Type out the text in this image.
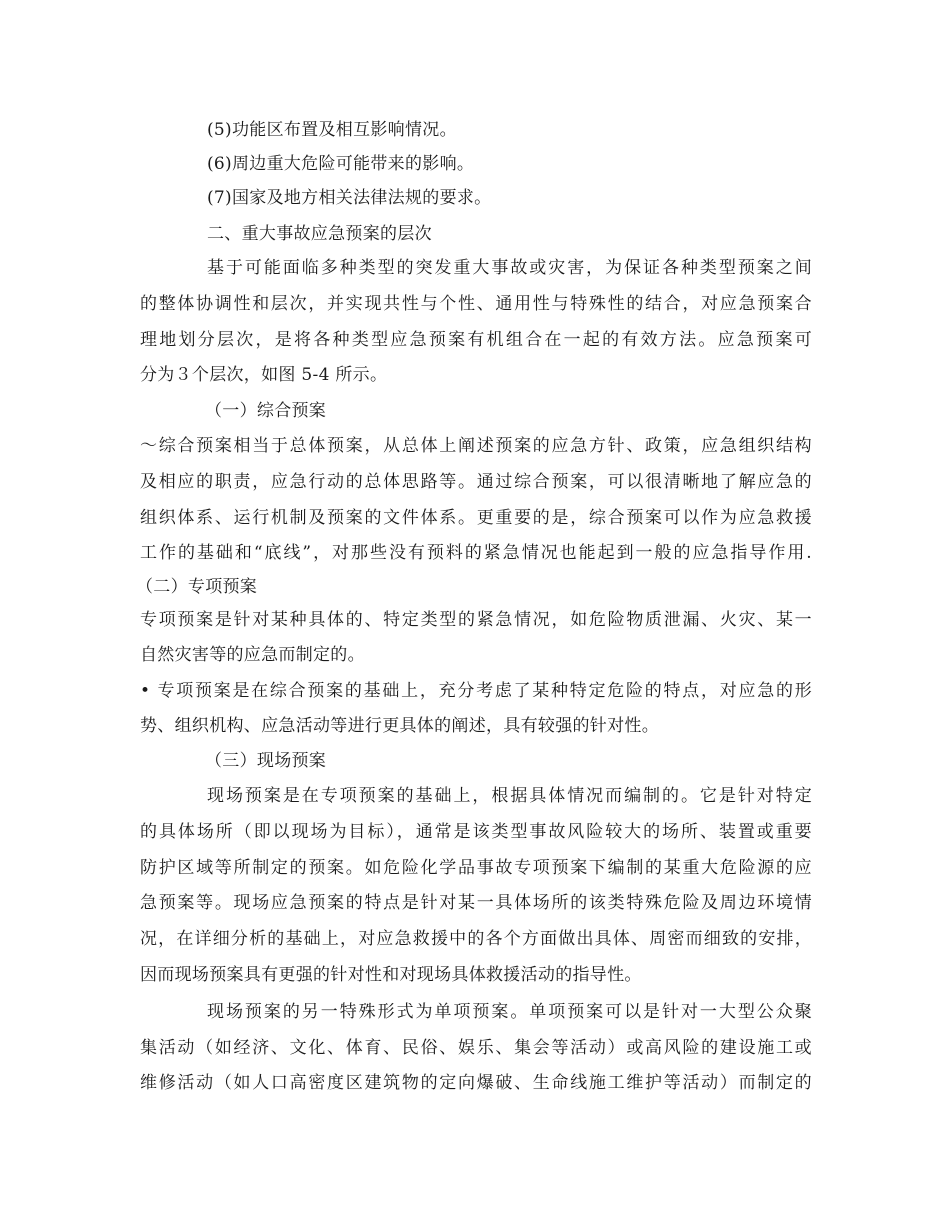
(5)功能区布置及相互影响情况。
(6)周边重大危险可能带来的影响。
(7)国家及地方相关法律法规的要求。
二、重大事故应急预案的层次
基于可能面临多种类型的突发重大事故或灾害，为保证各种类型预案之间
的整体协调性和层次，并实现共性与个性、通用性与特殊性的结合，对应急预案合
理地划分层次，是将各种类型应急预案有机组合在一起的有效方法。应急预案可
分为３个层次，如图 5-4 所示。
（一）综合预案
～综合预案相当于总体预案，从总体上阐述预案的应急方针、政策，应急组织结构
及相应的职责，应急行动的总体思路等。通过综合预案，可以很清晰地了解应急的
组织体系、运行机制及预案的文件体系。更重要的是，综合预案可以作为应急救援
工作的基础和“底线”，对那些没有预料的紧急情况也能起到一般的应急指导作用.
（二）专项预案
专项预案是针对某种具体的、特定类型的紧急情况，如危险物质泄漏、火灾、某一
自然灾害等的应急而制定的。
• 专项预案是在综合预案的基础上，充分考虑了某种特定危险的特点，对应急的形
势、组织机构、应急活动等进行更具体的阐述，具有较强的针对性。
（三）现场预案
现场预案是在专项预案的基础上，根据具体情况而编制的。它是针对特定
的具体场所（即以现场为目标），通常是该类型事故风险较大的场所、装置或重要
防护区域等所制定的预案。如危险化学品事故专项预案下编制的某重大危险源的应
急预案等。现场应急预案的特点是针对某一具体场所的该类特殊危险及周边环境情
况，在详细分析的基础上，对应急救援中的各个方面做出具体、周密而细致的安排，
因而现场预案具有更强的针对性和对现场具体救援活动的指导性。
现场预案的另一特殊形式为单项预案。单项预案可以是针对一大型公众聚
集活动（如经济、文化、体育、民俗、娱乐、集会等活动）或高风险的建设施工或
维修活动（如人口高密度区建筑物的定向爆破、生命线施工维护等活动）而制定的
